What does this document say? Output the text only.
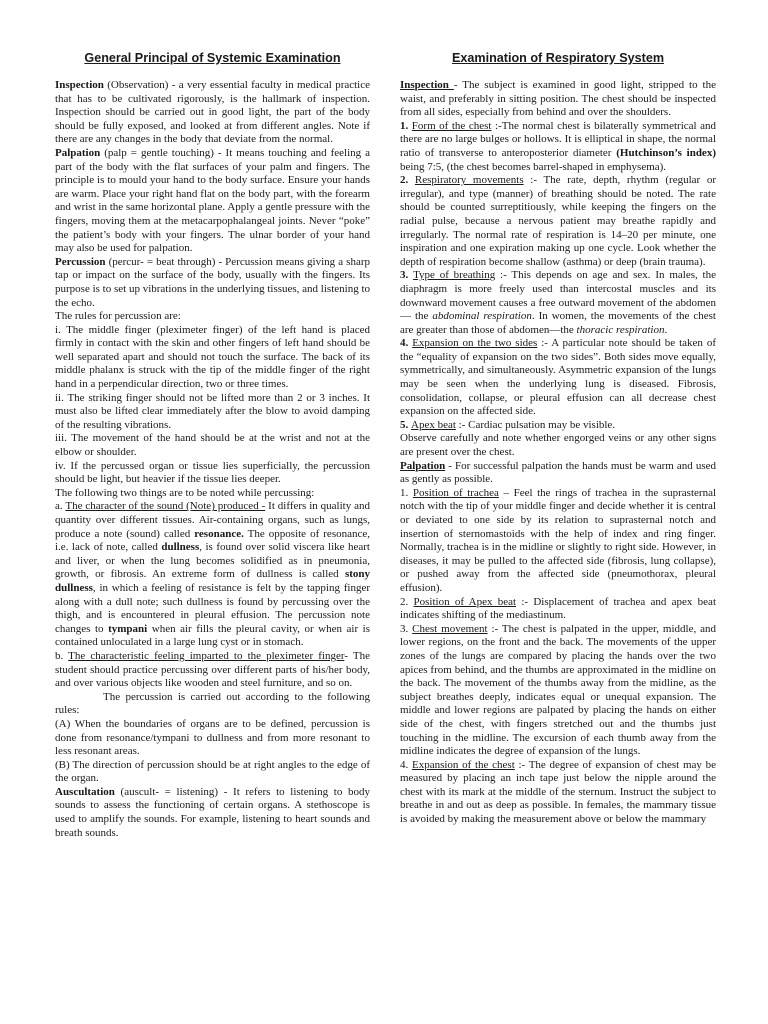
General Principal of Systemic Examination

Inspection (Observation) - a very essential faculty in medical practice that has to be cultivated rigorously, is the hallmark of inspection. Inspection should be carried out in good light, the part of the body should be fully exposed, and looked at from different angles. Note if there are any changes in the body that deviate from the normal.

Palpation (palp = gentle touching) - It means touching and feeling a part of the body with the flat surfaces of your palm and fingers. The principle is to mould your hand to the body surface. Ensure your hands are warm. Place your right hand flat on the body part, with the forearm and wrist in the same horizontal plane. Apply a gentle pressure with the fingers, moving them at the metacarpophalangeal joints. Never “poke” the patient’s body with your fingers. The ulnar border of your hand may also be used for palpation.

Percussion (percur- = beat through) - Percussion means giving a sharp tap or impact on the surface of the body, usually with the fingers. Its purpose is to set up vibrations in the underlying tissues, and listening to the echo.

The rules for percussion are:

i. The middle finger (pleximeter finger) of the left hand is placed firmly in contact with the skin and other fingers of left hand should be well separated apart and should not touch the surface. The back of its middle phalanx is struck with the tip of the middle finger of the right hand in a perpendicular direction, two or three times.

ii. The striking finger should not be lifted more than 2 or 3 inches. It must also be lifted clear immediately after the blow to avoid damping of the resulting vibrations.

iii. The movement of the hand should be at the wrist and not at the elbow or shoulder.

iv. If the percussed organ or tissue lies superficially, the percussion should be light, but heavier if the tissue lies deeper.

The following two things are to be noted while percussing:

a. The character of the sound (Note) produced - It differs in quality and quantity over different tissues. Air-containing organs, such as lungs, produce a note (sound) called resonance. The opposite of resonance, i.e. lack of note, called dullness, is found over solid viscera like heart and liver, or when the lung becomes solidified as in pneumonia, growth, or fibrosis. An extreme form of dullness is called stony dullness, in which a feeling of resistance is felt by the tapping finger along with a dull note; such dullness is found by percussing over the thigh, and is encountered in pleural effusion. The percussion note changes to tympani when air fills the pleural cavity, or when air is contained unloculated in a large lung cyst or in stomach.

b. The characteristic feeling imparted to the pleximeter finger- The student should practice percussing over different parts of his/her body, and over various objects like wooden and steel furniture, and so on.

The percussion is carried out according to the following rules:

(A) When the boundaries of organs are to be defined, percussion is done from resonance/tympani to dullness and from more resonant to less resonant areas.

(B) The direction of percussion should be at right angles to the edge of the organ.

Auscultation (auscult- = listening) - It refers to listening to body sounds to assess the functioning of certain organs. A stethoscope is used to amplify the sounds. For example, listening to heart sounds and breath sounds.

Examination of Respiratory System

Inspection - The subject is examined in good light, stripped to the waist, and preferably in sitting position. The chest should be inspected from all sides, especially from behind and over the shoulders.

1. Form of the chest :-The normal chest is bilaterally symmetrical and there are no large bulges or hollows. It is elliptical in shape, the normal ratio of transverse to anteroposterior diameter (Hutchinson’s index) being 7:5, (the chest becomes barrel-shaped in emphysema).

2. Respiratory movements :- The rate, depth, rhythm (regular or irregular), and type (manner) of breathing should be noted. The rate should be counted surreptitiously, while keeping the fingers on the radial pulse, because a nervous patient may breathe rapidly and irregularly. The normal rate of respiration is 14–20 per minute, one inspiration and one expiration making up one cycle. Look whether the depth of respiration become shallow (asthma) or deep (brain trauma).

3. Type of breathing :- This depends on age and sex. In males, the diaphragm is more freely used than intercostal muscles and its downward movement causes a free outward movement of the abdomen— the abdominal respiration. In women, the movements of the chest are greater than those of abdomen—the thoracic respiration.

4. Expansion on the two sides :- A particular note should be taken of the “equality of expansion on the two sides”. Both sides move equally, symmetrically, and simultaneously. Asymmetric expansion of the lungs may be seen when the underlying lung is diseased. Fibrosis, consolidation, collapse, or pleural effusion can all decrease chest expansion on the affected side.

5. Apex beat :- Cardiac pulsation may be visible.

Observe carefully and note whether engorged veins or any other signs are present over the chest.

Palpation - For successful palpation the hands must be warm and used as gently as possible.

1. Position of trachea – Feel the rings of trachea in the suprasternal notch with the tip of your middle finger and decide whether it is central or deviated to one side by its relation to suprasternal notch and insertion of sternomastoids with the help of index and ring finger. Normally, trachea is in the midline or slightly to right side. However, in diseases, it may be pulled to the affected side (fibrosis, lung collapse), or pushed away from the affected side (pneumothorax, pleural effusion).

2. Position of Apex beat :- Displacement of trachea and apex beat indicates shifting of the mediastinum.

3. Chest movement :- The chest is palpated in the upper, middle, and lower regions, on the front and the back. The movements of the upper zones of the lungs are compared by placing the hands over the two apices from behind, and the thumbs are approximated in the midline on the back. The movement of the thumbs away from the midline, as the subject breathes deeply, indicates equal or unequal expansion. The middle and lower regions are palpated by placing the hands on either side of the chest, with fingers stretched out and the thumbs just touching in the midline. The excursion of each thumb away from the midline indicates the degree of expansion of the lungs.

4. Expansion of the chest :- The degree of expansion of chest may be measured by placing an inch tape just below the nipple around the chest with its mark at the middle of the sternum. Instruct the subject to breathe in and out as deep as possible. In females, the mammary tissue is avoided by making the measurement above or below the mammary
